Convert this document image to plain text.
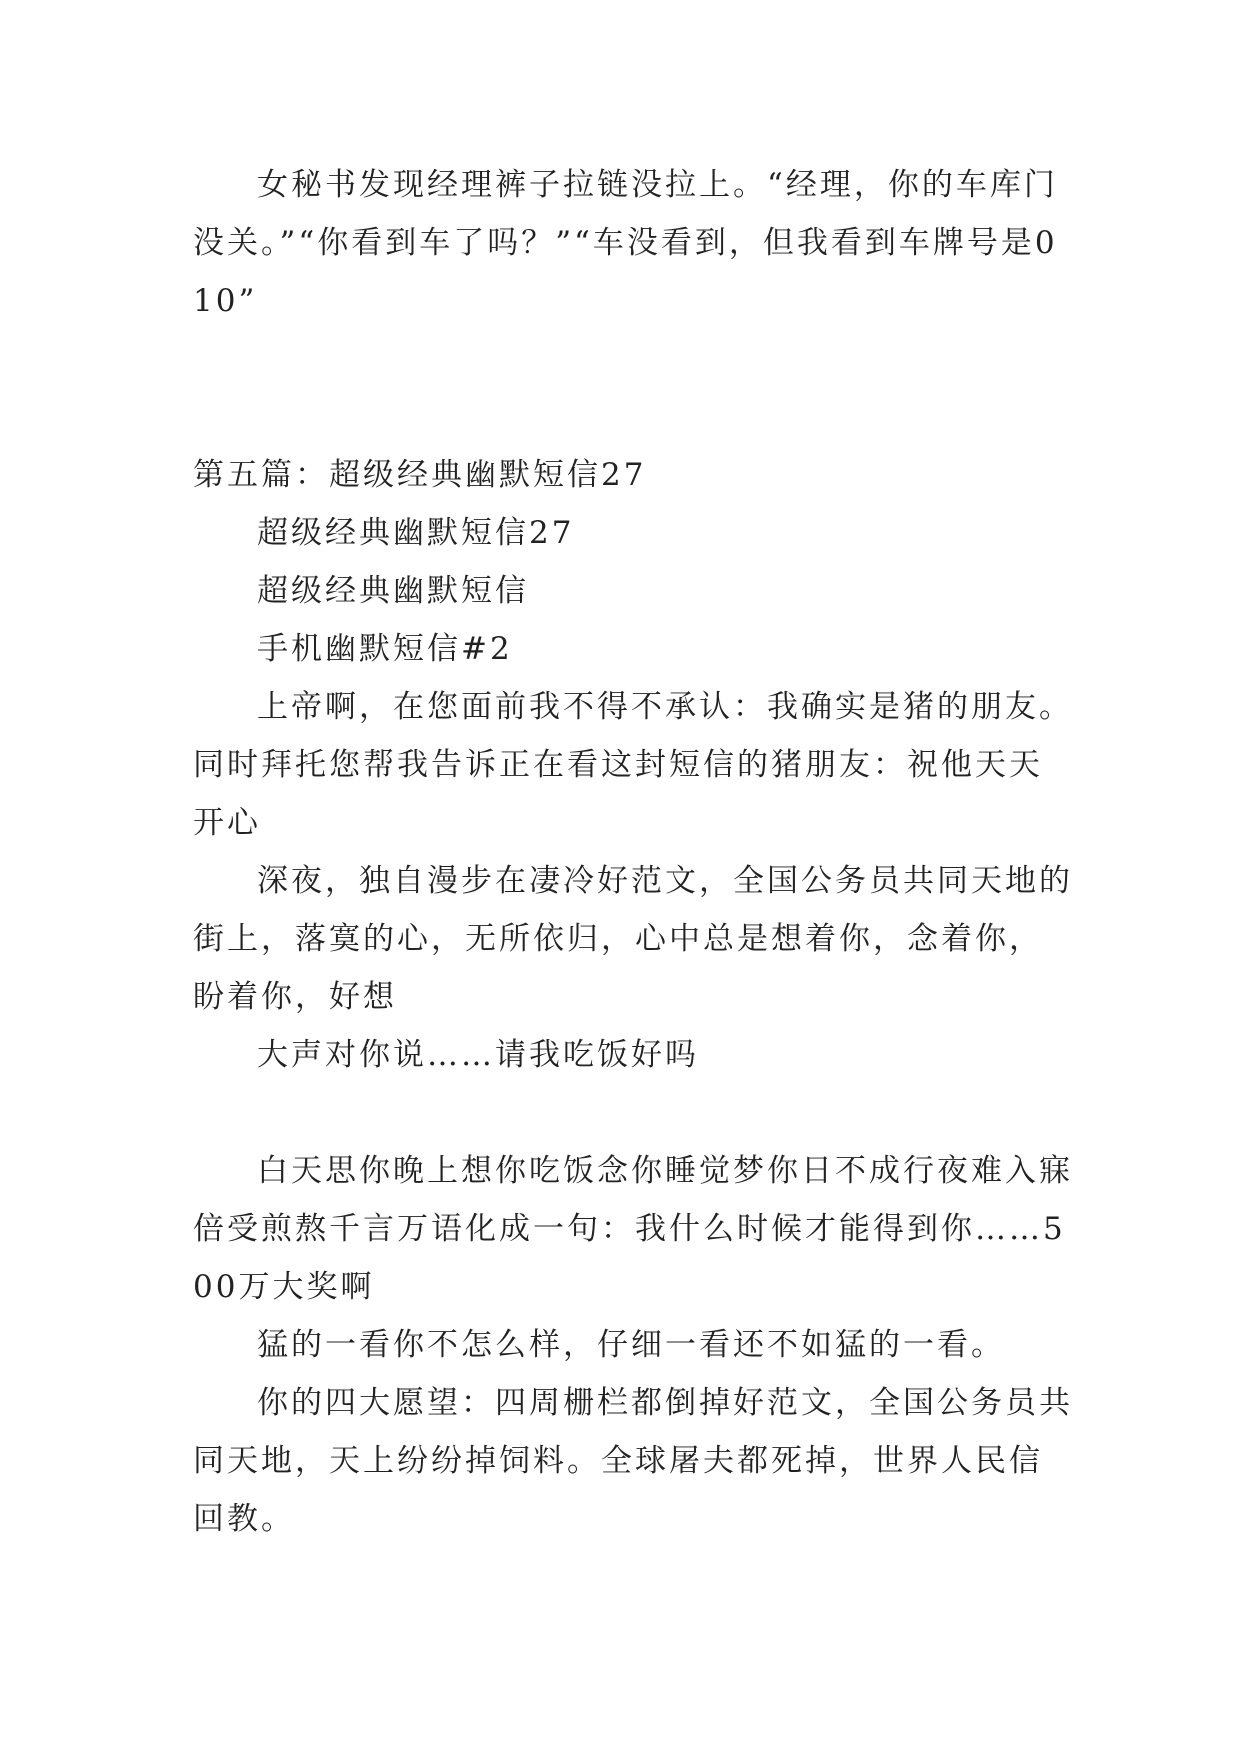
女秘书发现经理裤子拉链没拉上。“经理，你的车库门没关。”“你看到车了吗？”“车没看到，但我看到车牌号是010”

第五篇：超级经典幽默短信27

超级经典幽默短信27

超级经典幽默短信

手机幽默短信#2

上帝啊，在您面前我不得不承认：我确实是猪的朋友。同时拜托您帮我告诉正在看这封短信的猪朋友：祝他天天开心

深夜，独自漫步在凄冷好范文，全国公务员共同天地的街上，落寞的心，无所依归，心中总是想着你，念着你，盼着你，好想

大声对你说……请我吃饭好吗

白天思你晚上想你吃饭念你睡觉梦你日不成行夜难入寐倍受煎熬千言万语化成一句：我什么时候才能得到你……500万大奖啊

猛的一看你不怎么样，仔细一看还不如猛的一看。

你的四大愿望：四周栅栏都倒掉好范文，全国公务员共同天地，天上纷纷掉饲料。全球屠夫都死掉，世界人民信回教。
